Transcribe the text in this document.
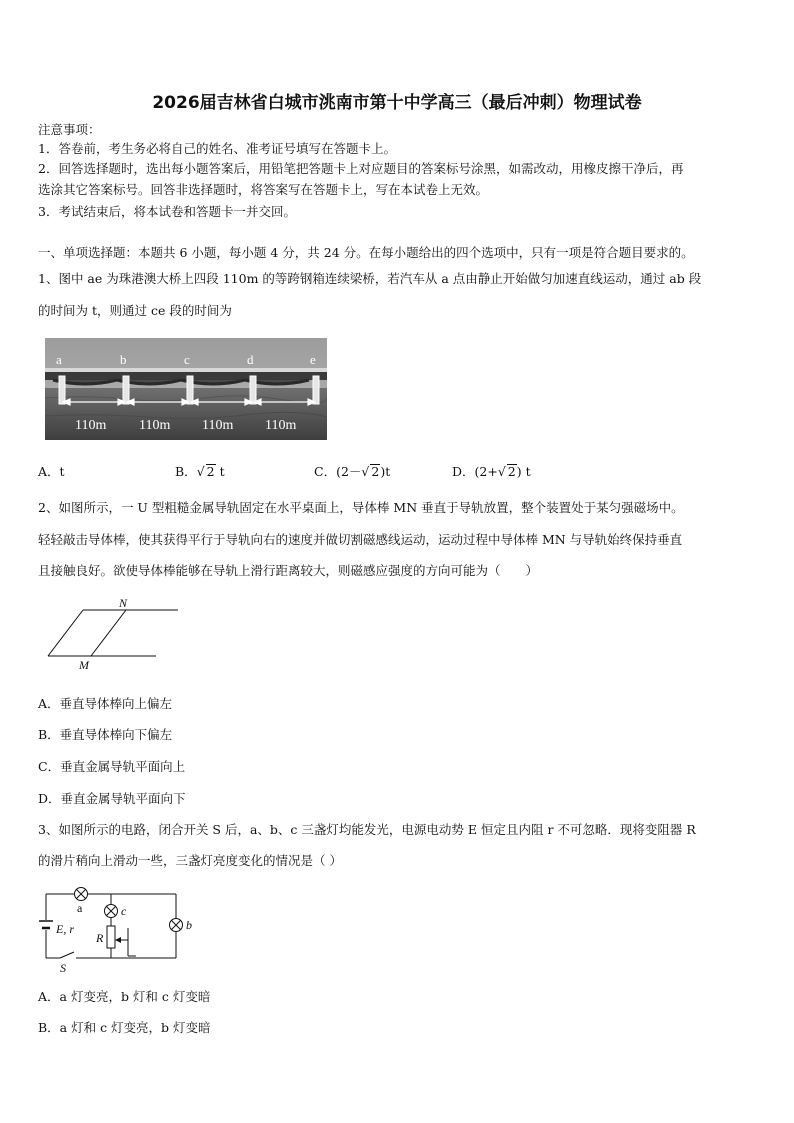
2026届吉林省白城市洮南市第十中学高三（最后冲刺）物理试卷
注意事项：
1．答卷前，考生务必将自己的姓名、准考证号填写在答题卡上。
2．回答选择题时，选出每小题答案后，用铅笔把答题卡上对应题目的答案标号涂黑，如需改动，用橡皮擦干净后，再
选涂其它答案标号。回答非选择题时，将答案写在答题卡上，写在本试卷上无效。
3．考试结束后，将本试卷和答题卡一并交回。
一、单项选择题：本题共 6 小题，每小题 4 分，共 24 分。在每小题给出的四个选项中，只有一项是符合题目要求的。
1、图中 ae 为珠港澳大桥上四段 110m 的等跨钢箱连续梁桥，若汽车从 a 点由静止开始做匀加速直线运动，通过 ab 段
的时间为 t，则通过 ce 段的时间为
a	b	c	d	e
110m 110m 110m 110m
A．t	B．√ 2 t	C．(2－√ 2)t	D．(2+√ 2) t
2、如图所示，一 U 型粗糙金属导轨固定在水平桌面上，导体棒 MN 垂直于导轨放置，整个装置处于某匀强磁场中。
轻轻敲击导体棒，使其获得平行于导轨向右的速度并做切割磁感线运动，运动过程中导体棒 MN 与导轨始终保持垂直
且接触良好。欲使导体棒能够在导轨上滑行距离较大，则磁感应强度的方向可能为（　　）
N
M
A．垂直导体棒向上偏左
B．垂直导体棒向下偏左
C．垂直金属导轨平面向上
D．垂直金属导轨平面向下
3、如图所示的电路，闭合开关 S 后，a、b、c 三盏灯均能发光，电源电动势 E 恒定且内阻 r 不可忽略．现将变阻器 R
的滑片稍向上滑动一些，三盏灯亮度变化的情况是（ ）
a	c
b
E, r
R
S
A．a 灯变亮，b 灯和 c 灯变暗
B．a 灯和 c 灯变亮，b 灯变暗
